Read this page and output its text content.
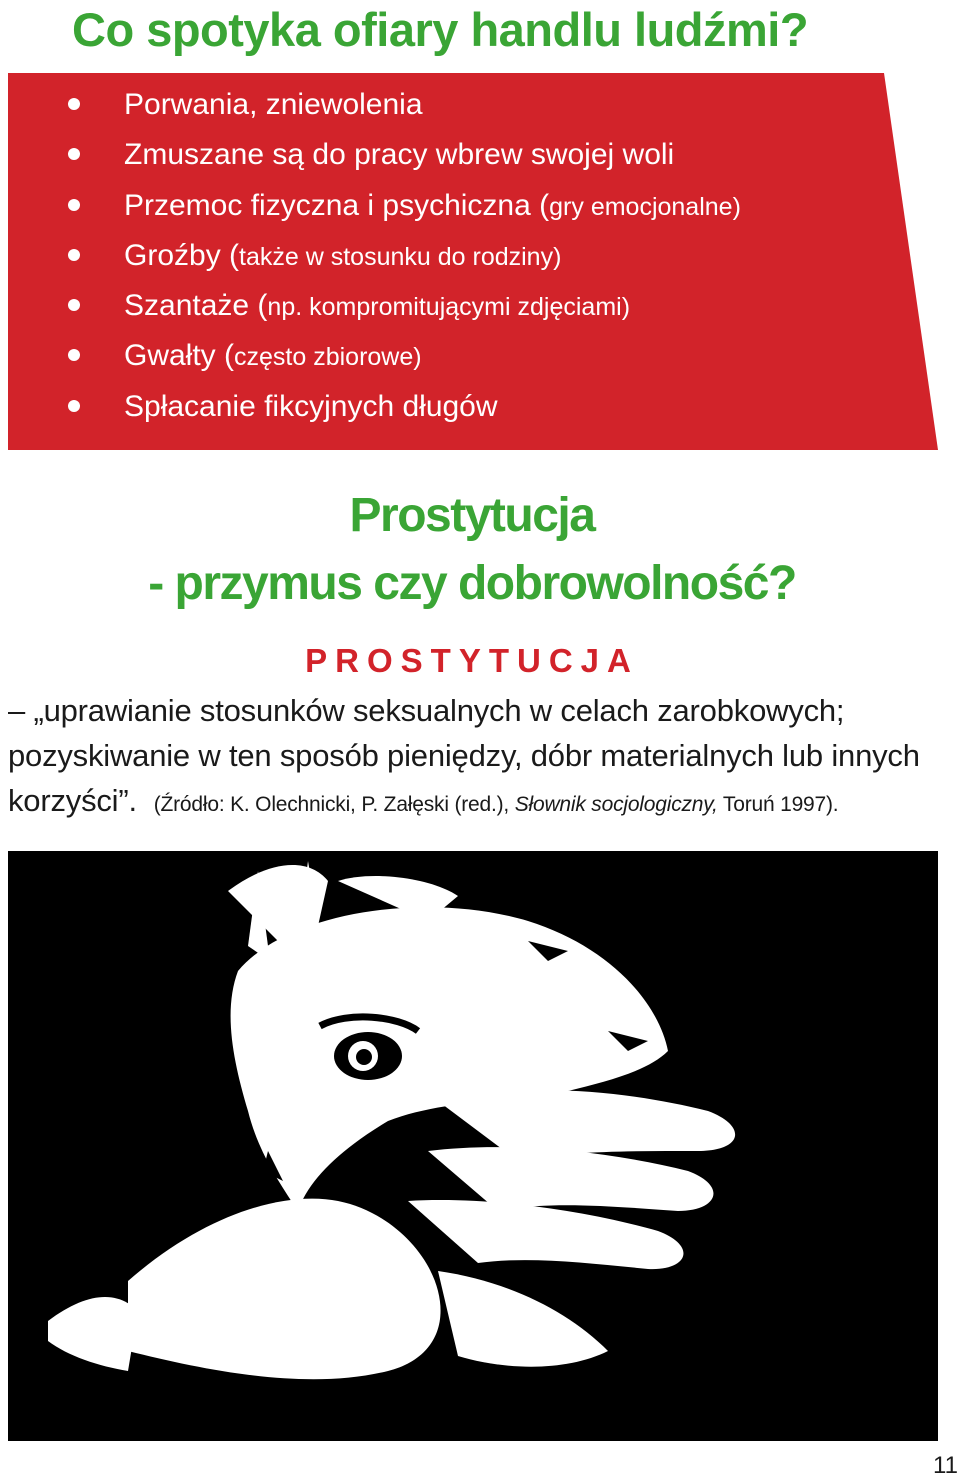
Co spotyka ofiary handlu ludźmi?
Porwania, zniewolenia
Zmuszane są do pracy wbrew swojej woli
Przemoc fizyczna i psychiczna (gry emocjonalne)
Groźby (także w stosunku do rodziny)
Szantaże (np. kompromitującymi zdjęciami)
Gwałty (często zbiorowe)
Spłacanie fikcyjnych długów
Prostytucja
- przymus czy dobrowolność?
PROSTYTUCJA

– „uprawianie stosunków seksualnych w celach zarobkowych; pozyskiwanie w ten sposób pieniędzy, dóbr materialnych lub innych korzyści”. (Źródło: K. Olechnicki, P. Załęski (red.), Słownik socjologiczny, Toruń 1997).

11
